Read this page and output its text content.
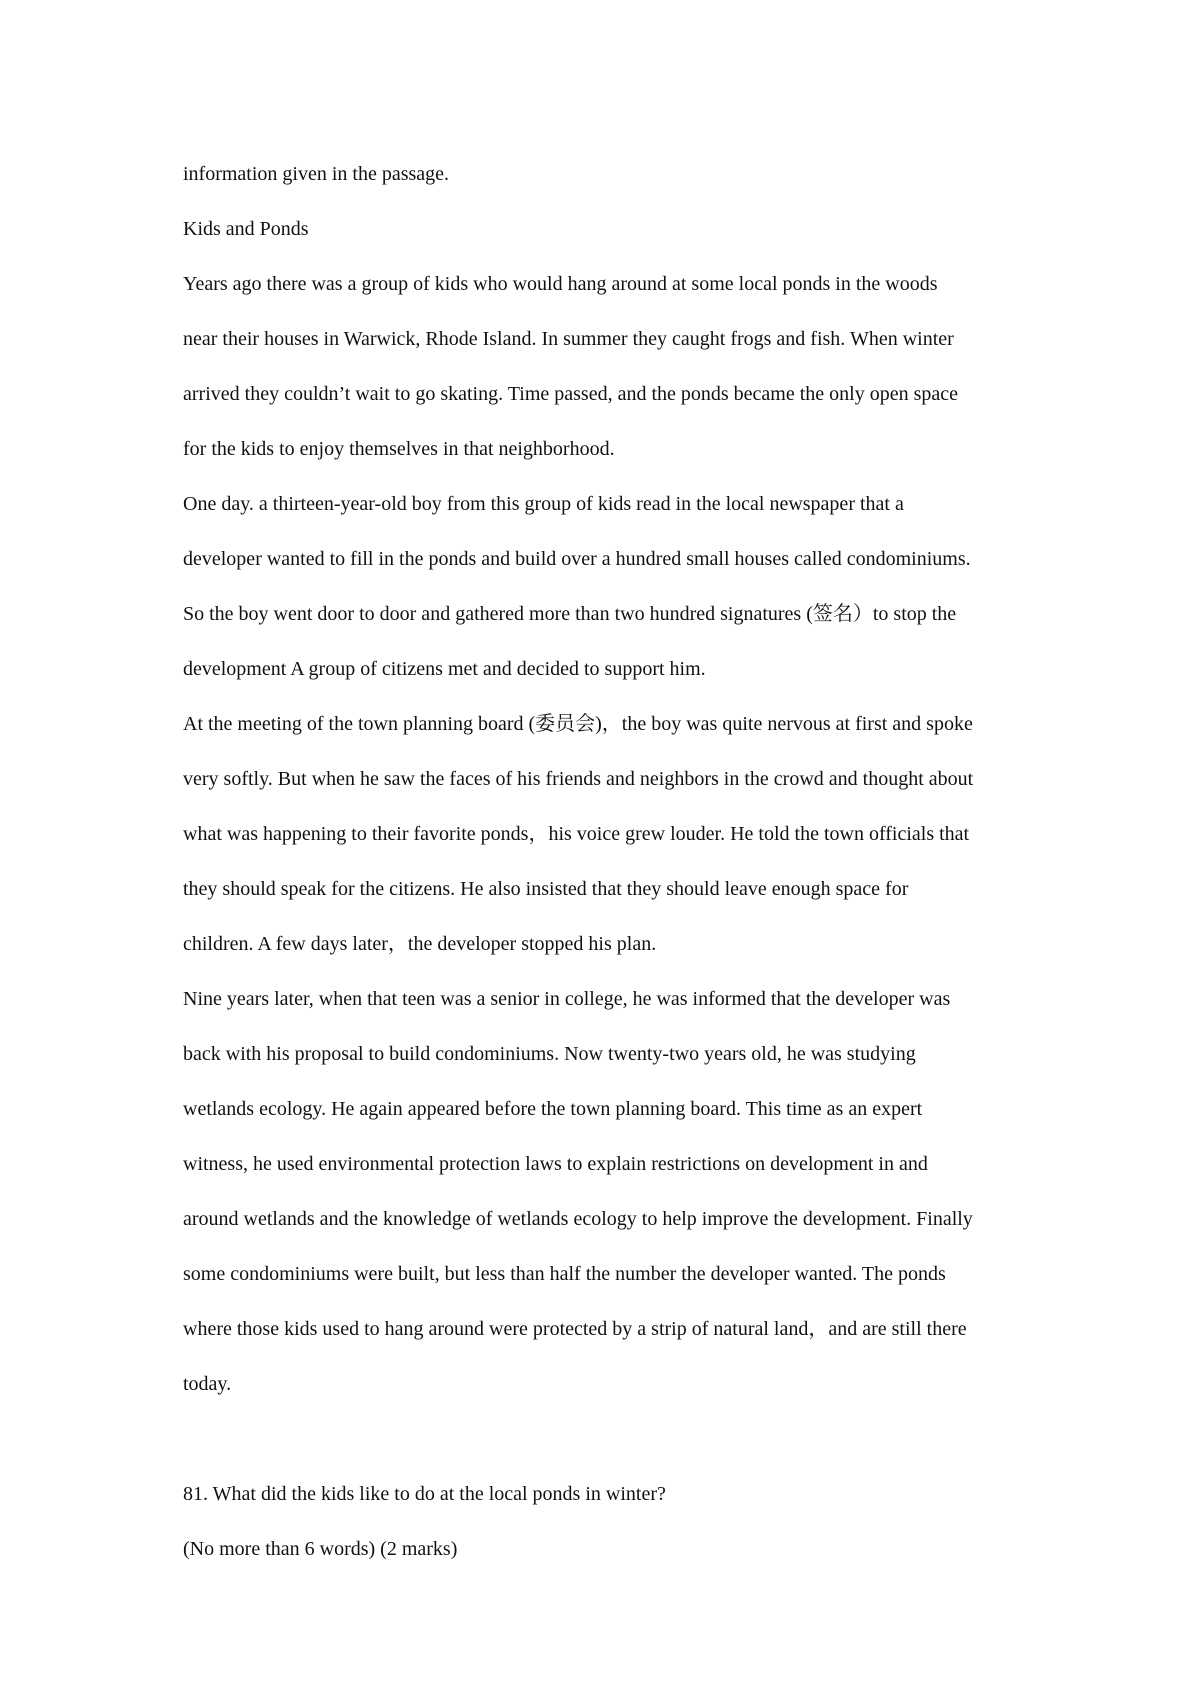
information given in the passage.

Kids and Ponds

Years ago there was a group of kids who would hang around at some local ponds in the woods

near their houses in Warwick, Rhode Island. In summer they caught frogs and fish. When winter

arrived they couldn’t wait to go skating. Time passed, and the ponds became the only open space

for the kids to enjoy themselves in that neighborhood.

One day. a thirteen-year-old boy from this group of kids read in the local newspaper that a

developer wanted to fill in the ponds and build over a hundred small houses called condominiums.

So the boy went door to door and gathered more than two hundred signatures (签名）to stop the

development A group of citizens met and decided to support him.

At the meeting of the town planning board (委员会)，the boy was quite nervous at first and spoke

very softly. But when he saw the faces of his friends and neighbors in the crowd and thought about

what was happening to their favorite ponds，his voice grew louder. He told the town officials that

they should speak for the citizens. He also insisted that they should leave enough space for

children. A few days later，the developer stopped his plan.

Nine years later, when that teen was a senior in college, he was informed that the developer was

back with his proposal to build condominiums. Now twenty-two years old, he was studying

wetlands ecology. He again appeared before the town planning board. This time as an expert

witness, he used environmental protection laws to explain restrictions on development in and

around wetlands and the knowledge of wetlands ecology to help improve the development. Finally

some condominiums were built, but less than half the number the developer wanted. The ponds

where those kids used to hang around were protected by a strip of natural land，and are still there

today.

81. What did the kids like to do at the local ponds in winter?

(No more than 6 words) (2 marks)
